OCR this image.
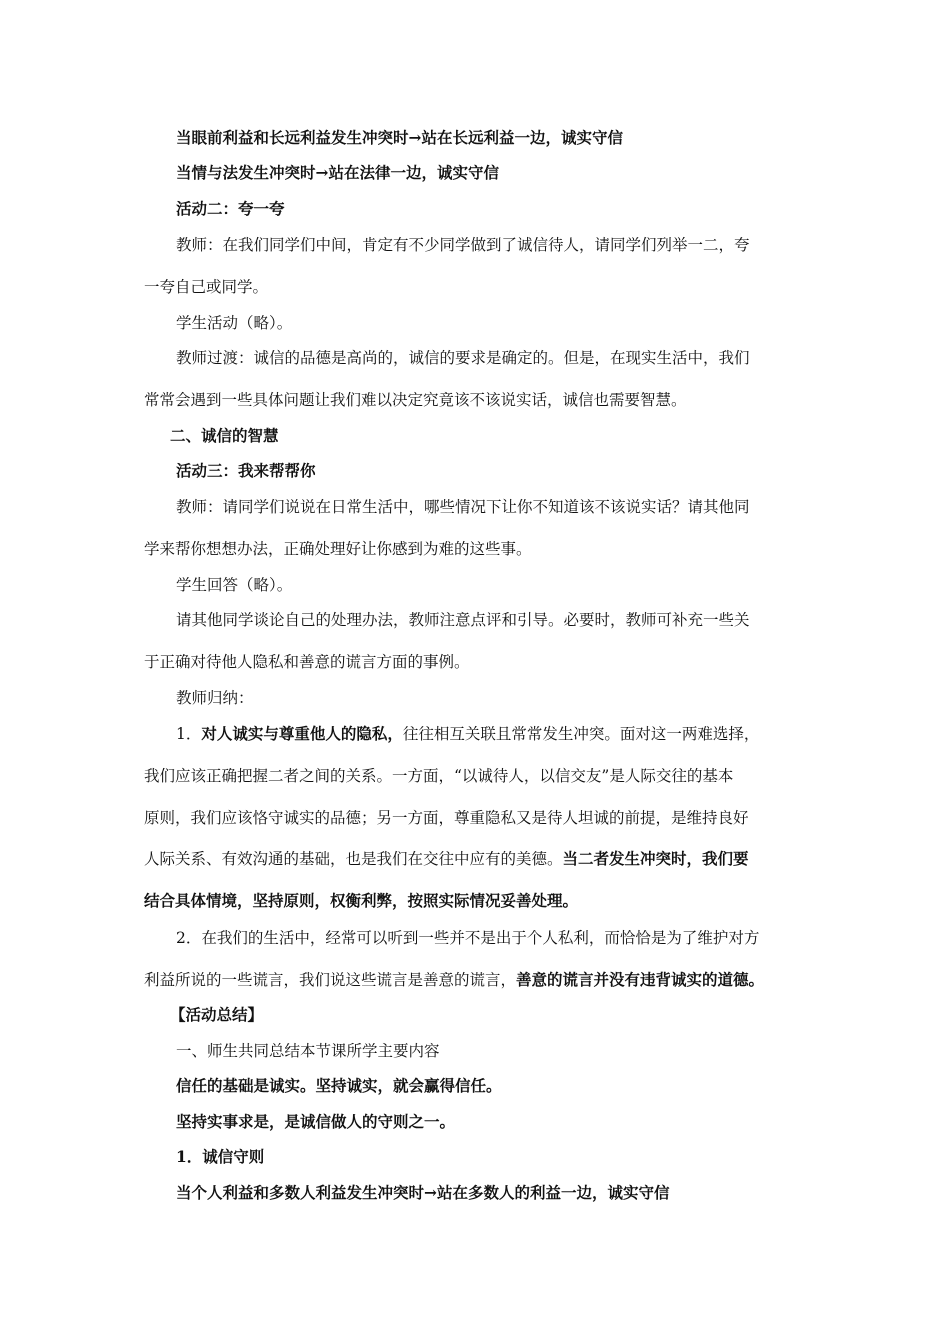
当眼前利益和长远利益发生冲突时→站在长远利益一边，诚实守信
当情与法发生冲突时→站在法律一边，诚实守信
活动二：夸一夸
教师：在我们同学们中间，肯定有不少同学做到了诚信待人，请同学们列举一二，夸
一夸自己或同学。
学生活动（略）。
教师过渡：诚信的品德是高尚的，诚信的要求是确定的。但是，在现实生活中，我们
常常会遇到一些具体问题让我们难以决定究竟该不该说实话，诚信也需要智慧。
二、诚信的智慧
活动三：我来帮帮你
教师：请同学们说说在日常生活中，哪些情况下让你不知道该不该说实话？请其他同
学来帮你想想办法，正确处理好让你感到为难的这些事。
学生回答（略）。
请其他同学谈论自己的处理办法，教师注意点评和引导。必要时，教师可补充一些关
于正确对待他人隐私和善意的谎言方面的事例。
教师归纳：
1．对人诚实与尊重他人的隐私，往往相互关联且常常发生冲突。面对这一两难选择，
我们应该正确把握二者之间的关系。一方面，“以诚待人，以信交友”是人际交往的基本
原则，我们应该恪守诚实的品德；另一方面，尊重隐私又是待人坦诚的前提，是维持良好
人际关系、有效沟通的基础，也是我们在交往中应有的美德。当二者发生冲突时，我们要
结合具体情境，坚持原则，权衡利弊，按照实际情况妥善处理。
2．在我们的生活中，经常可以听到一些并不是出于个人私利，而恰恰是为了维护对方
利益所说的一些谎言，我们说这些谎言是善意的谎言，善意的谎言并没有违背诚实的道德。
【活动总结】
一、师生共同总结本节课所学主要内容
信任的基础是诚实。坚持诚实，就会赢得信任。
坚持实事求是，是诚信做人的守则之一。
1．诚信守则
当个人利益和多数人利益发生冲突时→站在多数人的利益一边，诚实守信
